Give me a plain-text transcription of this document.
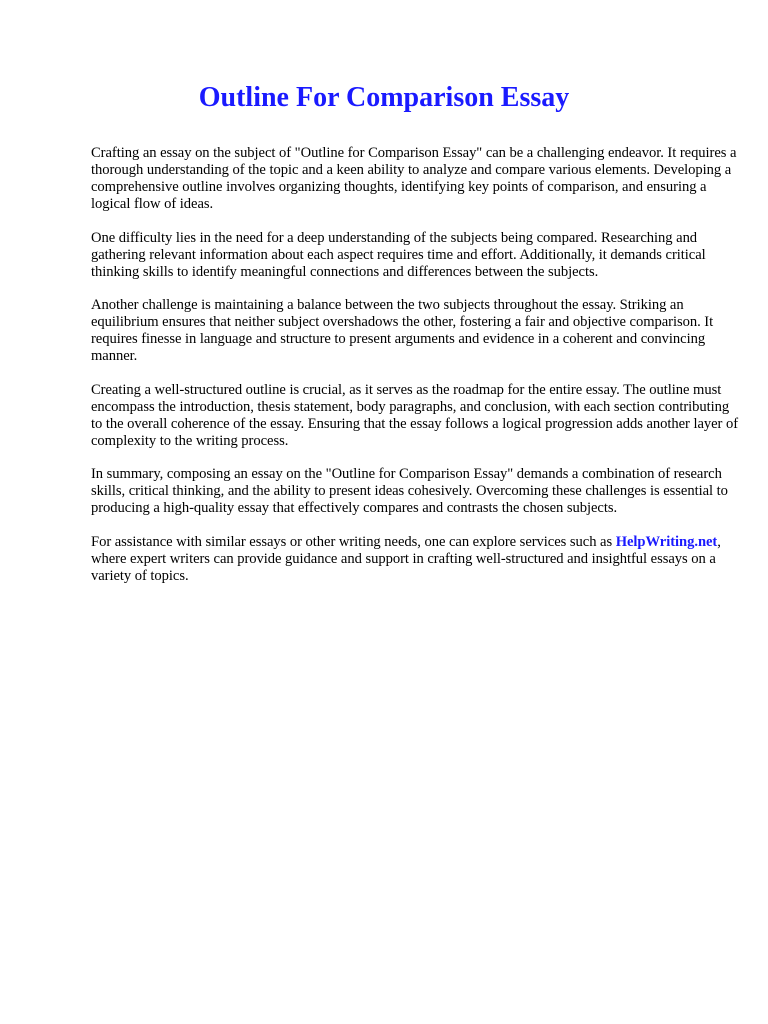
Outline For Comparison Essay

Crafting an essay on the subject of "Outline for Comparison Essay" can be a challenging endeavor. It requires a thorough understanding of the topic and a keen ability to analyze and compare various elements. Developing a comprehensive outline involves organizing thoughts, identifying key points of comparison, and ensuring a logical flow of ideas.

One difficulty lies in the need for a deep understanding of the subjects being compared. Researching and gathering relevant information about each aspect requires time and effort. Additionally, it demands critical thinking skills to identify meaningful connections and differences between the subjects.

Another challenge is maintaining a balance between the two subjects throughout the essay. Striking an equilibrium ensures that neither subject overshadows the other, fostering a fair and objective comparison. It requires finesse in language and structure to present arguments and evidence in a coherent and convincing manner.

Creating a well-structured outline is crucial, as it serves as the roadmap for the entire essay. The outline must encompass the introduction, thesis statement, body paragraphs, and conclusion, with each section contributing to the overall coherence of the essay. Ensuring that the essay follows a logical progression adds another layer of complexity to the writing process.

In summary, composing an essay on the "Outline for Comparison Essay" demands a combination of research skills, critical thinking, and the ability to present ideas cohesively. Overcoming these challenges is essential to producing a high-quality essay that effectively compares and contrasts the chosen subjects.

For assistance with similar essays or other writing needs, one can explore services such as HelpWriting.net, where expert writers can provide guidance and support in crafting well-structured and insightful essays on a variety of topics.
